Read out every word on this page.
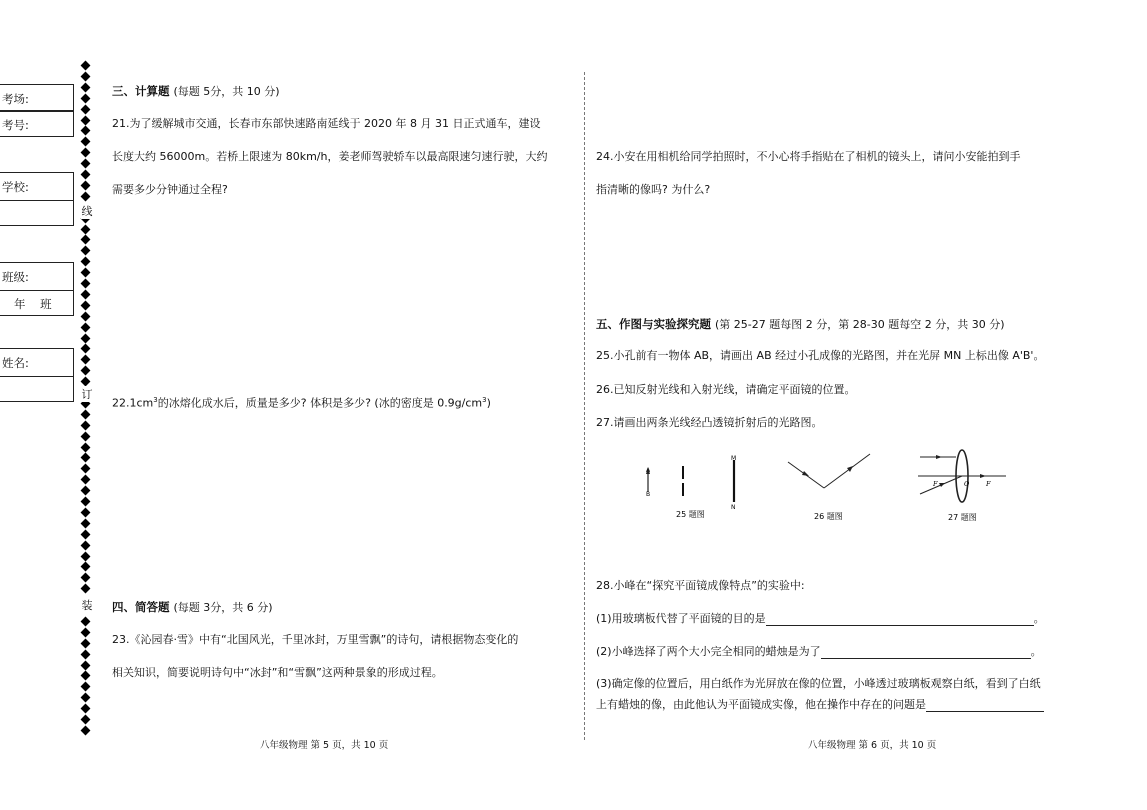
考场:
考号:
学校:
班级:
年    班
姓名:
线
订
装
三、计算题 (每题 5分，共 10 分)
21.为了缓解城市交通，长春市东部快速路南延线于 2020 年 8 月 31 日正式通车，建设
长度大约 56000m。若桥上限速为 80km/h，姜老师驾驶轿车以最高限速匀速行驶，大约
需要多少分钟通过全程?
$22.1cm^3$的冰熔化成水后，质量是多少? 体积是多少? (冰的密度是 $0.9g/cm^3$)
四、简答题 (每题 3分，共 6 分)
23.《沁园春·雪》中有“北国风光，千里冰封，万里雪飘”的诗句，请根据物态变化的
相关知识，简要说明诗句中“冰封”和“雪飘”这两种景象的形成过程。
八年级物理 第 5 页，共 10 页
24.小安在用相机给同学拍照时，不小心将手指贴在了相机的镜头上，请问小安能拍到手
指清晰的像吗? 为什么?
五、作图与实验探究题 (第 25-27 题每图 2 分，第 28-30 题每空 2 分，共 30 分)
25.小孔前有一物体 AB，请画出 AB 经过小孔成像的光路图，并在光屏 MN 上标出像 A'B'。
26.已知反射光线和入射光线，请确定平面镜的位置。
27.请画出两条光线经凸透镜折射后的光路图。
A
B
M
N
F	O	F
25 题图	26 题图	27 题图
28.小峰在“探究平面镜成像特点”的实验中:
(1)用玻璃板代替了平面镜的目的是	。
(2)小峰选择了两个大小完全相同的蜡烛是为了	。
(3)确定像的位置后，用白纸作为光屏放在像的位置，小峰透过玻璃板观察白纸，看到了白纸
上有蜡烛的像，由此他认为平面镜成实像，他在操作中存在的问题是
八年级物理 第 6 页，共 10 页
